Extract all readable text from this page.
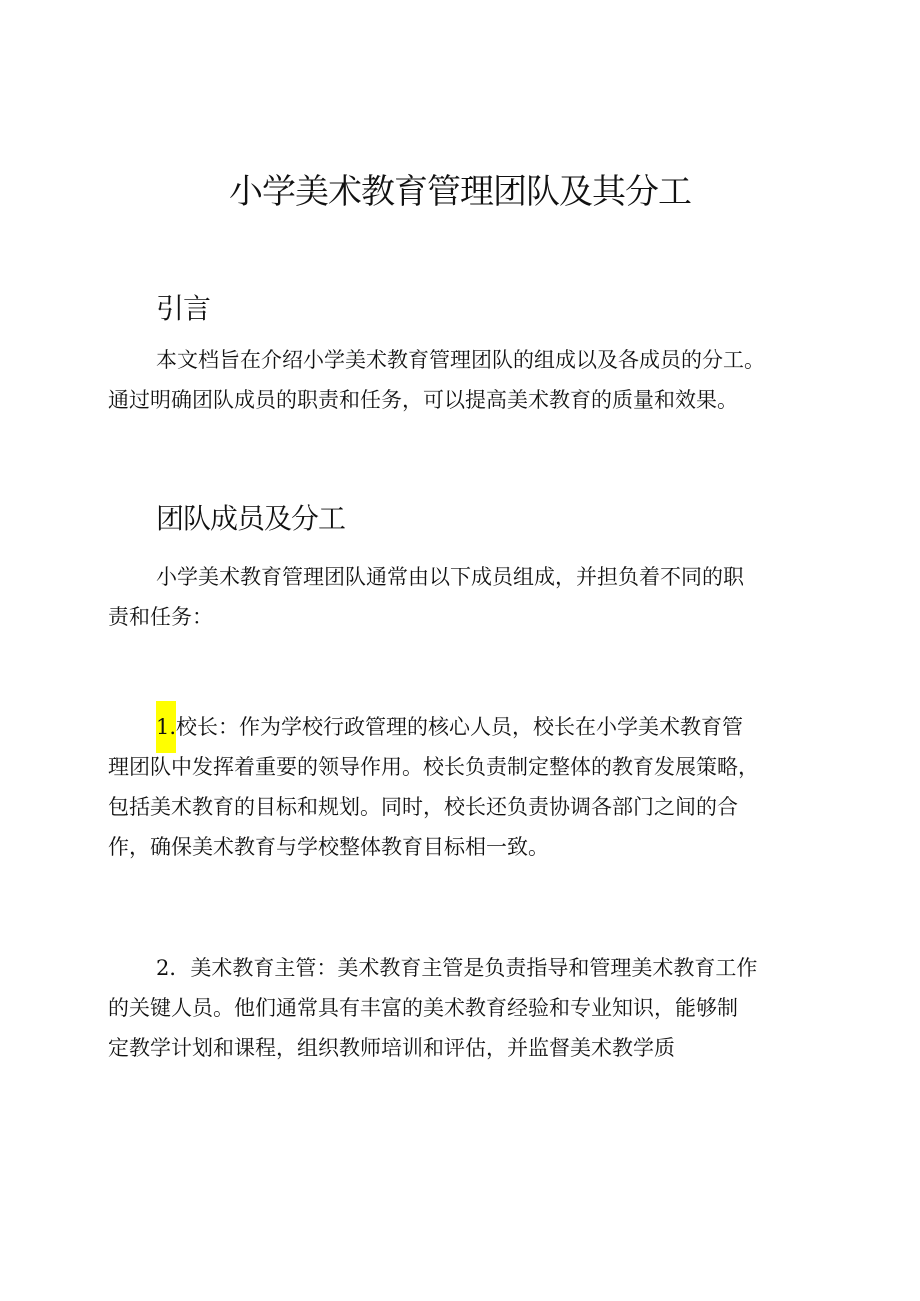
小学美术教育管理团队及其分工
引言
本文档旨在介绍小学美术教育管理团队的组成以及各成员的分工。
通过明确团队成员的职责和任务，可以提高美术教育的质量和效果。
团队成员及分工
小学美术教育管理团队通常由以下成员组成，并担负着不同的职
责和任务：
1.校长：作为学校行政管理的核心人员，校长在小学美术教育管
理团队中发挥着重要的领导作用。校长负责制定整体的教育发展策略，
包括美术教育的目标和规划。同时，校长还负责协调各部门之间的合
作，确保美术教育与学校整体教育目标相一致。
2．美术教育主管：美术教育主管是负责指导和管理美术教育工作
的关键人员。他们通常具有丰富的美术教育经验和专业知识，能够制
定教学计划和课程，组织教师培训和评估，并监督美术教学质
